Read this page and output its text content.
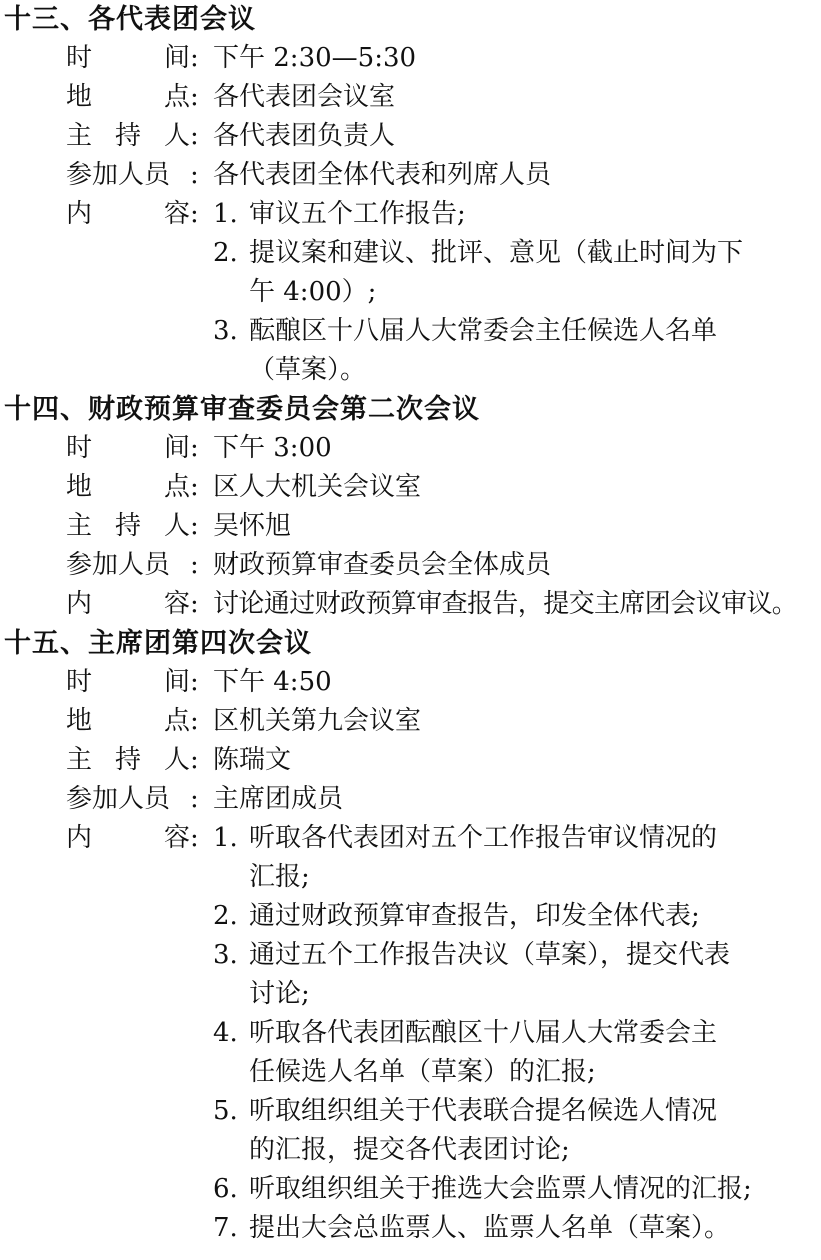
十三、各代表团会议
时	间 : 下午 2:30—5:30
地	点 : 各代表团会议室
主 持 人 : 各代表团负责人
参加人员 : 各代表团全体代表和列席人员
内	容 : 1. 审议五个工作报告;
2. 提议案和建议、批评、意见（截止时间为下
午 4:00）;
3. 酝酿区十八届人大常委会主任候选人名单
（草案）。
十四、财政预算审查委员会第二次会议
时	间 : 下午 3:00
地	点 : 区人大机关会议室
主 持 人 : 吴怀旭
参加人员 : 财政预算审查委员会全体成员
内	容 : 讨论通过财政预算审查报告，提交主席团会议审议。
十五、主席团第四次会议
时	间 : 下午 4:50
地	点 : 区机关第九会议室
主 持 人 : 陈瑞文
参加人员 : 主席团成员
内	容 : 1. 听取各代表团对五个工作报告审议情况的
汇报;
2. 通过财政预算审查报告，印发全体代表;
3. 通过五个工作报告决议（草案），提交代表
讨论;
4. 听取各代表团酝酿区十八届人大常委会主
任候选人名单（草案）的汇报;
5. 听取组织组关于代表联合提名候选人情况
的汇报，提交各代表团讨论;
6. 听取组织组关于推选大会监票人情况的汇报;
7. 提出大会总监票人、监票人名单（草案）。
